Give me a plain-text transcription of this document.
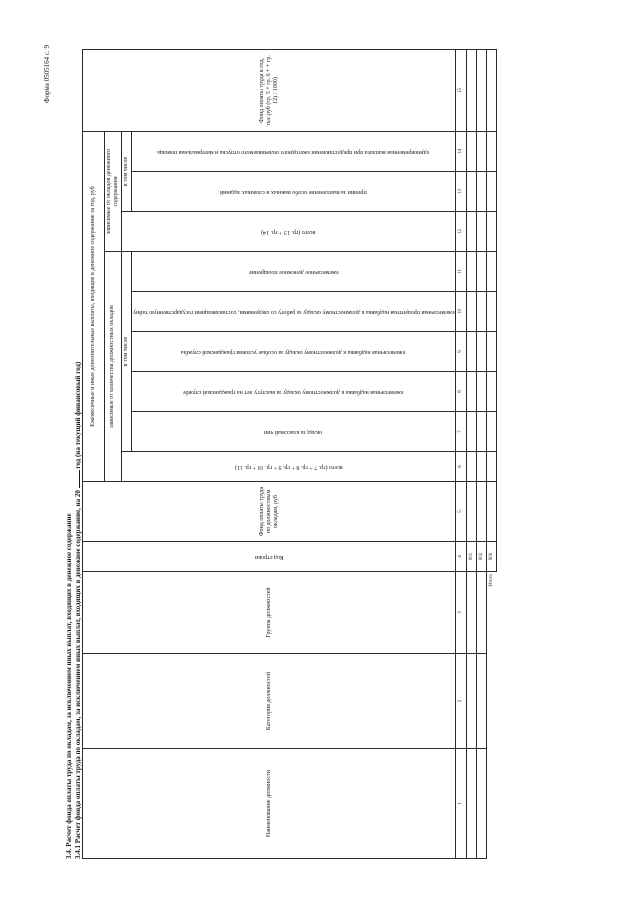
Форма 0505164 с. 9
3.4. Расчет фонда оплаты труда по окладам, за исключением иных выплат, входящих в денежное содержание 3.4.1 Расчет фонда оплаты труда по окладам, за исключением иных выплат, входящих в денежное содержание, на 20  год (на текущий финансовый год)
Наименование должности	Категория должностей	Группа должностей	Код строки	Фонд оплаты труда по должностным окладам, руб	Ежемесячные и иные дополнительные выплаты, входящие в денежное содержание за год, руб									Фонд оплаты труда в год, тыс.руб (гр. 5 + гр. 6 + + гр. 12) / 1000)
					зависимые от количества должностных окладов						зависимые от окладов денежного содержания			

					всего (гр. 7 + гр. 8 + гр. 9 + гр. 10 + гр. 11)	в том числе					всего (гр. 13 + гр. 14)	в том числе		

						оклад за классный чин	ежемесячная надбавка к должностному окладу за выслугу лет на гражданской службе	ежемесячная надбавка к должностному окладу за особые условия гражданской службы	ежемесячная процентная надбавка к должностному окладу за работу со сведениями, составляющими государственную тайну	ежемесячное денежное поощрение		премии за выполнение особо важных и сложных заданий	единовременная выплата при предоставлении ежегодного оплачиваемого отпуска и материальная помощь	

1	2	3	4	5	6	7	8	9	10	11	12	13	14	15
			001											
			002											
		Итого	900											
